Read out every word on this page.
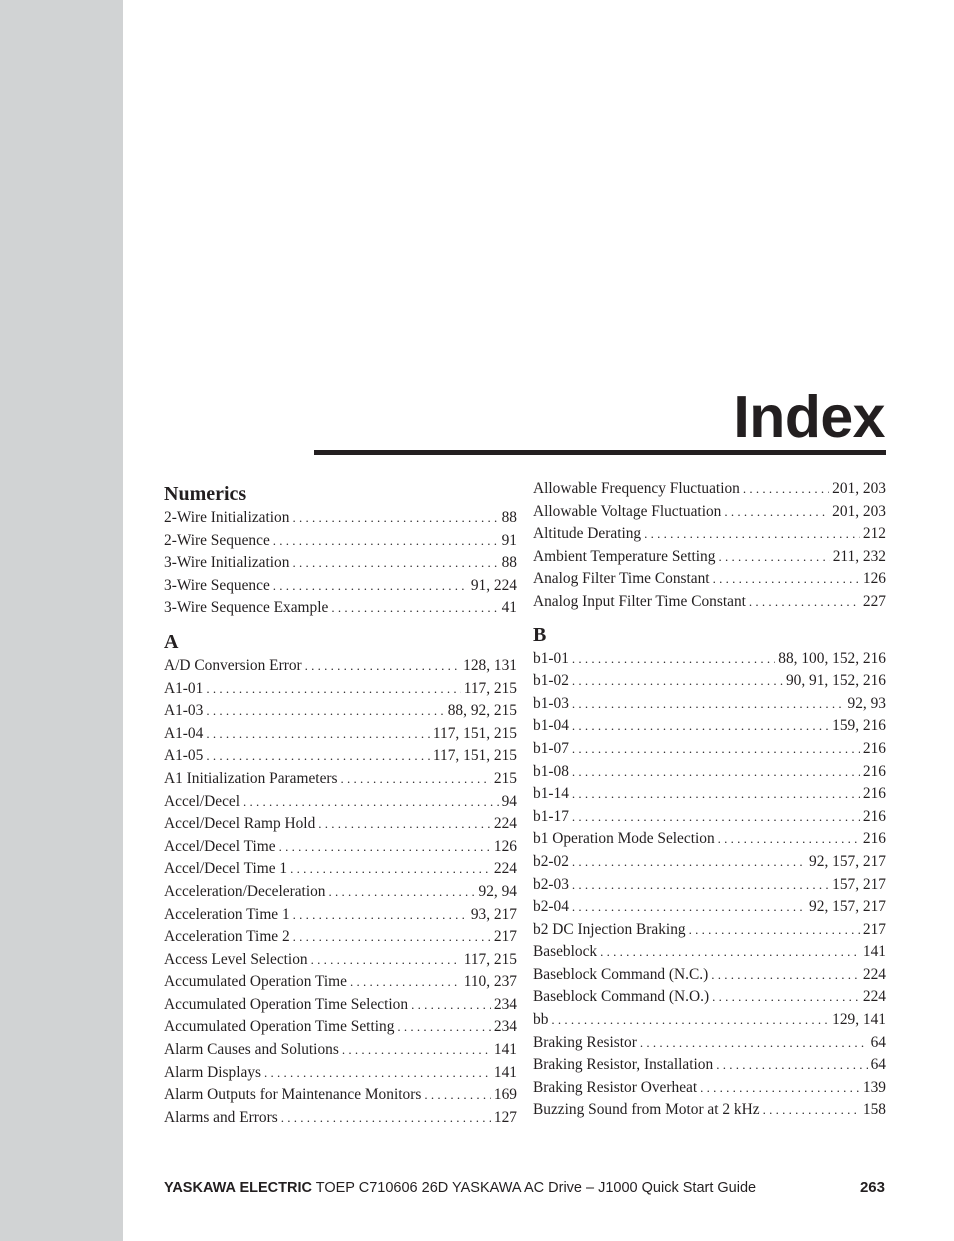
Index
Numerics
2-Wire Initialization . . .	88
2-Wire Sequence . . .	91
3-Wire Initialization . . .	88
3-Wire Sequence . . .	91, 224
3-Wire Sequence Example . . .	41
A
A/D Conversion Error . . .	128, 131
A1-01 . . .	117, 215
A1-03 . . .	88, 92, 215
A1-04 . . .	117, 151, 215
A1-05 . . .	117, 151, 215
A1 Initialization Parameters . . .	215
Accel/Decel . . .	94
Accel/Decel Ramp Hold . . .	224
Accel/Decel Time . . .	126
Accel/Decel Time 1 . . .	224
Acceleration/Deceleration . . .	92, 94
Acceleration Time 1 . . .	93, 217
Acceleration Time 2 . . .	217
Access Level Selection . . .	117, 215
Accumulated Operation Time . . .	110, 237
Accumulated Operation Time Selection . . .	234
Accumulated Operation Time Setting . . .	234
Alarm Causes and Solutions . . .	141
Alarm Displays . . .	141
Alarm Outputs for Maintenance Monitors . . .	169
Alarms and Errors . . .	127
Allowable Frequency Fluctuation . . .	201, 203
Allowable Voltage Fluctuation . . .	201, 203
Altitude Derating . . .	212
Ambient Temperature Setting . . .	211, 232
Analog Filter Time Constant . . .	126
Analog Input Filter Time Constant . . .	227
B
b1-01 . . .	88, 100, 152, 216
b1-02 . . .	90, 91, 152, 216
b1-03 . . .	92, 93
b1-04 . . .	159, 216
b1-07 . . .	216
b1-08 . . .	216
b1-14 . . .	216
b1-17 . . .	216
b1 Operation Mode Selection . . .	216
b2-02 . . .	92, 157, 217
b2-03 . . .	157, 217
b2-04 . . .	92, 157, 217
b2 DC Injection Braking . . .	217
Baseblock . . .	141
Baseblock Command (N.C.) . . .	224
Baseblock Command (N.O.) . . .	224
bb . . .	129, 141
Braking Resistor . . .	64
Braking Resistor, Installation . . .	64
Braking Resistor Overheat . . .	139
Buzzing Sound from Motor at 2 kHz . . .	158
YASKAWA ELECTRIC TOEP C710606 26D YASKAWA AC Drive – J1000 Quick Start Guide	263
